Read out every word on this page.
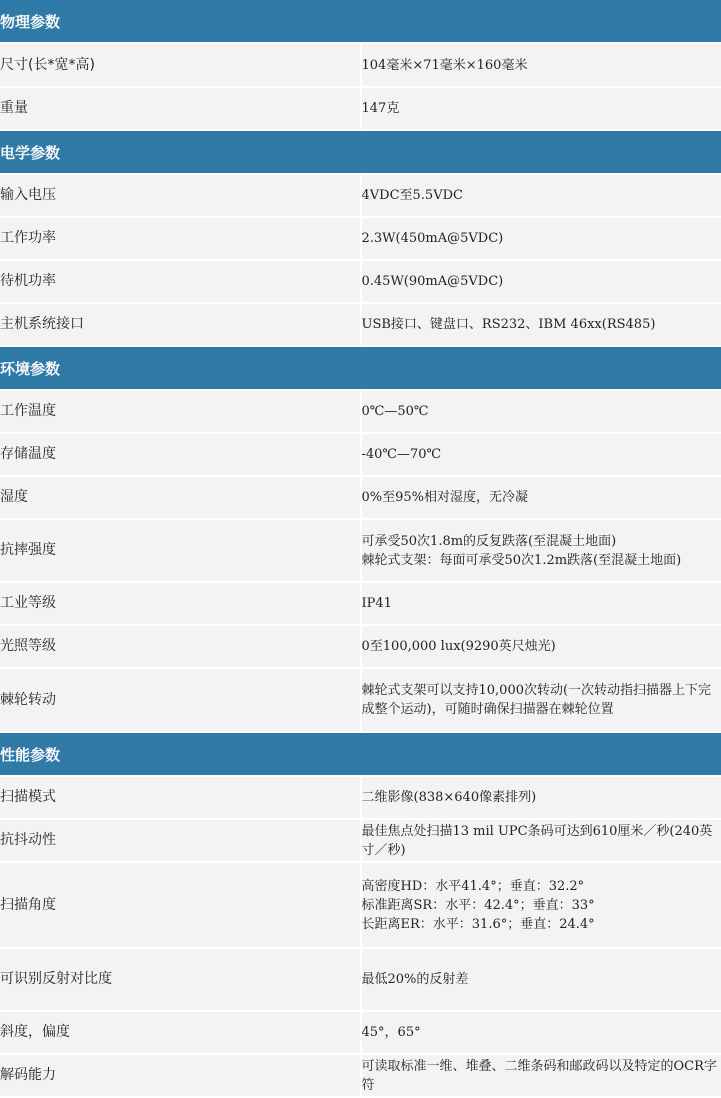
物理参数	
尺寸(长*宽*高)	104毫米×71毫米×160毫米

重量	147克

电学参数	
输入电压	4VDC至5.5VDC

工作功率	2.3W(450mA@5VDC)

待机功率	0.45W(90mA@5VDC)

主机系统接口	USB接口、键盘口、RS232、IBM 46xx(RS485)

环境参数	
工作温度	0℃—50℃

存储温度	-40℃—70℃

湿度	0%至95%相对湿度，无冷凝

抗摔强度	可承受50次1.8m的反复跌落(至混凝土地面)
棘轮式支架：每面可承受50次1.2m跌落(至混凝土地面)

工业等级	IP41

光照等级	0至100,000 lux(9290英尺烛光)

棘轮转动	棘轮式支架可以支持10,000次转动(一次转动指扫描器上下完成整个运动)，可随时确保扫描器在棘轮位置

性能参数	
扫描模式	二维影像(838×640像素排列)

抗抖动性	最佳焦点处扫描13 mil UPC条码可达到610厘米／秒(240英寸／秒)

扫描角度	高密度HD：水平41.4°；垂直：32.2°
标准距离SR：水平：42.4°；垂直：33°
长距离ER：水平：31.6°；垂直：24.4°

可识别反射对比度	最低20%的反射差

斜度，偏度	45°，65°

解码能力	可读取标准一维、堆叠、二维条码和邮政码以及特定的OCR字符
